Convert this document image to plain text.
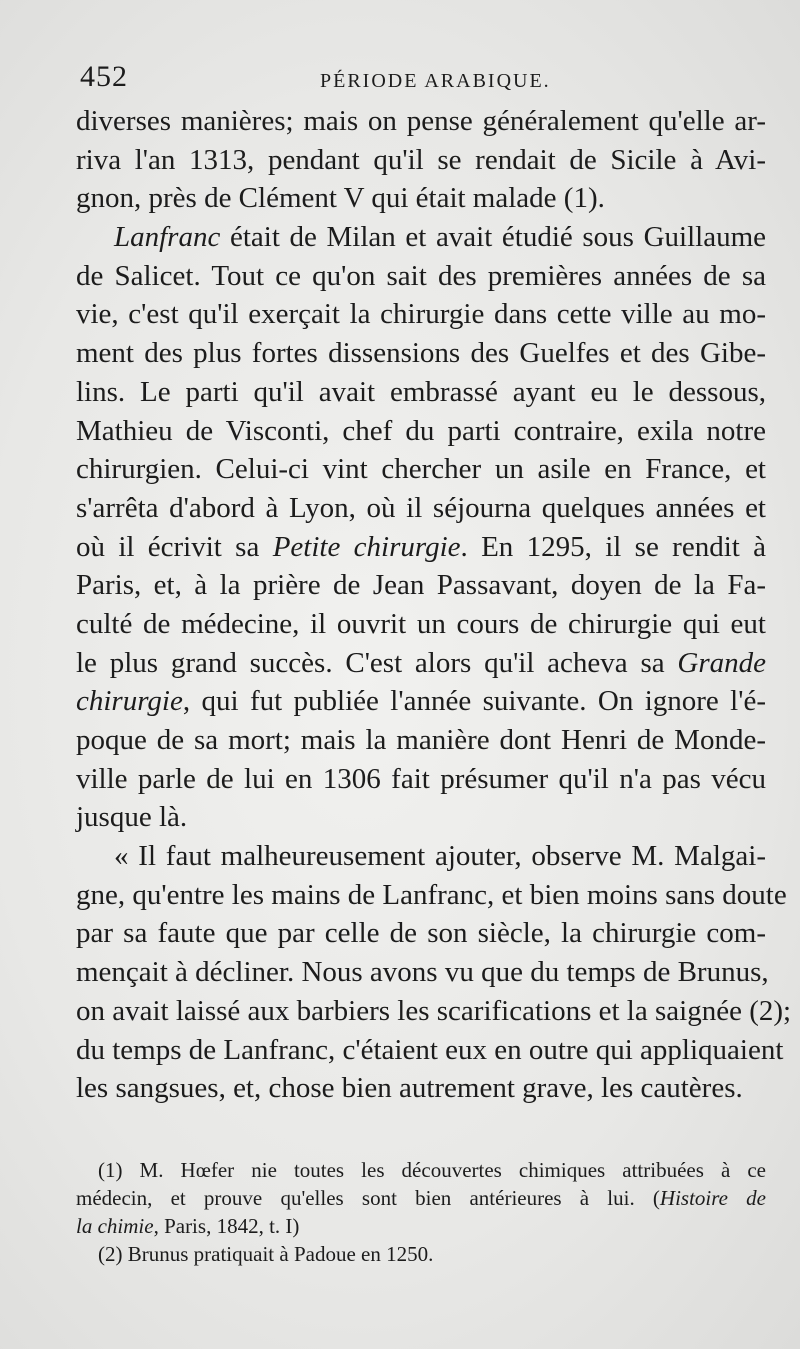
452	PÉRIODE ARABIQUE.
diverses manières; mais on pense généralement qu'elle ar-
riva l'an 1313, pendant qu'il se rendait de Sicile à Avi-
gnon, près de Clément V qui était malade (1).
Lanfranc était de Milan et avait étudié sous Guillaume
de Salicet. Tout ce qu'on sait des premières années de sa
vie, c'est qu'il exerçait la chirurgie dans cette ville au mo-
ment des plus fortes dissensions des Guelfes et des Gibe-
lins. Le parti qu'il avait embrassé ayant eu le dessous,
Mathieu de Visconti, chef du parti contraire, exila notre
chirurgien. Celui-ci vint chercher un asile en France, et
s'arrêta d'abord à Lyon, où il séjourna quelques années et
où il écrivit sa Petite chirurgie. En 1295, il se rendit à
Paris, et, à la prière de Jean Passavant, doyen de la Fa-
culté de médecine, il ouvrit un cours de chirurgie qui eut
le plus grand succès. C'est alors qu'il acheva sa Grande
chirurgie, qui fut publiée l'année suivante. On ignore l'é-
poque de sa mort; mais la manière dont Henri de Monde-
ville parle de lui en 1306 fait présumer qu'il n'a pas vécu
jusque là.
« Il faut malheureusement ajouter, observe M. Malgai-
gne, qu'entre les mains de Lanfranc, et bien moins sans doute
par sa faute que par celle de son siècle, la chirurgie com-
mençait à décliner. Nous avons vu que du temps de Brunus,
on avait laissé aux barbiers les scarifications et la saignée (2);
du temps de Lanfranc, c'étaient eux en outre qui appliquaient
les sangsues, et, chose bien autrement grave, les cautères.
(1) M. Hœfer nie toutes les découvertes chimiques attribuées à ce
médecin, et prouve qu'elles sont bien antérieures à lui. (Histoire de
la chimie, Paris, 1842, t. I)
(2) Brunus pratiquait à Padoue en 1250.
